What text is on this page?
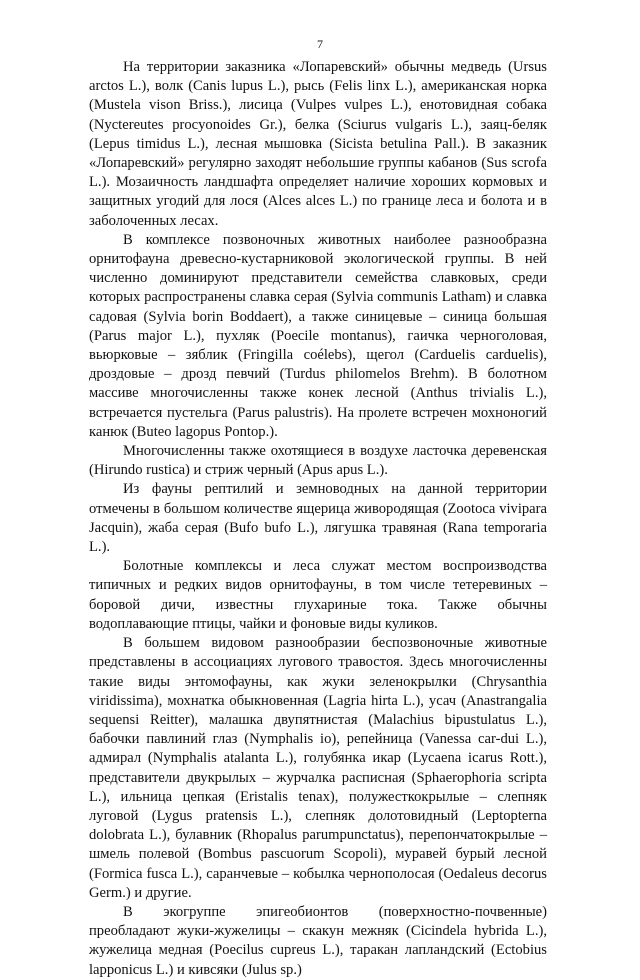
7

На территории заказника «Лопаревский» обычны медведь (Ursus arctos L.), волк (Canis lupus L.), рысь (Felis linx L.), американская норка (Mustela vison Briss.), лисица (Vulpes vulpes L.), енотовидная собака (Nyctereutes procyonoides Gr.), белка (Sciurus vulgaris L.), заяц-беляк (Lepus timidus L.), лесная мышовка (Sicista betulina Pall.). В заказник «Лопаревский» регулярно заходят небольшие группы кабанов (Sus scrofa L.). Мозаичность ландшафта определяет наличие хороших кормовых и защитных угодий для лося (Alces alces L.) по границе леса и болота и в заболоченных лесах.

В комплексе позвоночных животных наиболее разнообразна орнитофауна древесно-кустарниковой экологической группы. В ней численно доминируют представители семейства славковых, среди которых распространены славка серая (Sylvia communis Latham) и славка садовая (Sylvia borin Boddaert), а также синицевые – синица большая (Parus major L.), пухляк (Poecile montanus), гаичка черноголовая, вьюрковые – зяблик (Fringilla coélebs), щегол (Carduelis carduelis), дроздовые – дрозд певчий (Turdus philomelos Brehm). В болотном массиве многочисленны также конек лесной (Anthus trivialis L.), встречается пустельга (Parus palustris). На пролете встречен мохноногий канюк (Buteo lagopus Pontop.).

Многочисленны также охотящиеся в воздухе ласточка деревенская (Hirundo rustica) и стриж черный (Apus apus L.).

Из фауны рептилий и земноводных на данной территории отмечены в большом количестве ящерица живородящая (Zootoca vivipara Jacquin), жаба серая (Bufo bufo L.), лягушка травяная (Rana temporaria L.).

Болотные комплексы и леса служат местом воспроизводства типичных и редких видов орнитофауны, в том числе тетеревиных – боровой дичи, известны глухариные тока. Также обычны водоплавающие птицы, чайки и фоновые виды куликов.

В большем видовом разнообразии беспозвоночные животные представлены в ассоциациях лугового травостоя. Здесь многочисленны такие виды энтомофауны, как жуки зеленокрылки (Chrysanthia viridissima), мохнатка обыкновенная (Lagria hirta L.), усач (Anastrangalia sequensi Reitter), малашка двупятнистая (Malachius bipustulatus L.), бабочки павлиний глаз (Nymphalis io), репейница (Vanessa car-dui L.), адмирал (Nymphalis atalanta L.), голубянка икар (Lycaena icarus Rott.), представители двукрылых – журчалка расписная (Sphaerophoria scripta L.), ильница цепкая (Eristalis tenax), полужесткокрылые – слепняк луговой (Lygus pratensis L.), слепняк долотовидный (Leptopterna dolobrata L.), булавник (Rhopalus parumpunctatus), перепончатокрылые – шмель полевой (Bombus pascuorum Scopoli), муравей бурый лесной (Formica fusca L.), саранчевые – кобылка чернополосая (Oedaleus decorus Germ.) и другие.

В экогруппе эпигеобионтов (поверхностно-почвенные) преобладают жуки-жужелицы – скакун межняк (Cicindela hybrida L.), жужелица медная (Poecilus cupreus L.), таракан лапландский (Ectobius lapponicus L.) и кивсяки (Julus sp.)
